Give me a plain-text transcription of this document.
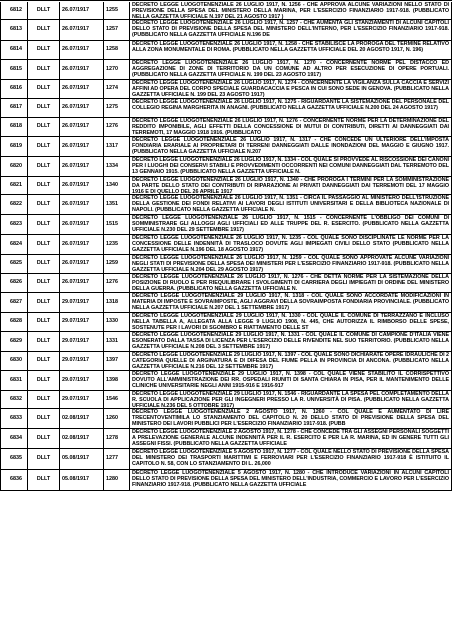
6812	DLLT	26.07/1917	1255
DECRETO LEGGE LUOGOTENENZIALE 26 LUGLIO 1917, N. 1256 - CHE APPROVA ALCUNE VARIAZIONI NELLO STATO DI PREVISIONE DELLA SPESA DEL MINISTERO DELLA MARINA, PER L'ESERCIZIO FINANZIARIO 1917-918. (PUBBLICATO NELLA GAZZETTA UFFICIALE N.197 DEL 21 AGOSTO 1917 )
6813	DLLT	26.07/1917	1257
DECRETO LEGGE LUOGOTENENZIALE 26 LUGLIO 1917, N. 1257 - CHE AUMENTA GLI STANZIAMENTI DI ALCUNI CAPITOLI DELLO STATO DI PREVISIONE DELLA SPESA DEL MINISTERO DELL'INTERNO, PER L'ESERCIZIO FINANZIARIO 1917-918. (PUBBLICATO NELLA GAZZETTA UFFICIALE N.196 DE
6814	DLLT	26.07/1917	1258
DECRETO LEGGE LUOGOTENENZIALE 26 LUGLIO 1917, N. 1258 - CHE STABILISCE LA PROROGA DEL TERMINE RELATIVO ALLA ZONA MONUMENTALE DI ROMA. (PUBBLICATO NELLA GAZZETTA UFFICIALE DEL 20 AGOSTO 1917, N. 196)
6815	DLLT	26.07/1917	1270
DECRETO LEGGE LUOGOTENENZIALE 26 LUGLIO 1917, N. 1270 - CONCERNENTE NORME PEL DISTACCO ED AGGREGAZIONE DI ZONE DI TERRITORIO DA UN COMUNE AD ALTRO PER ESECUZIONE DI OPERE PORTUALI. (PUBBLICATO NELLA GAZZETTA UFFICIALE N. 199 DEL 23 AGOSTO 1917)
6816	DLLT	26.07/1917	1274
DECRETO LEGGE LUOGOTENENZIALE 26 LUGLIO 1917, N. 1274 - CONCERNENTE LA VIGILANZA SULLA CACCIA E SERVIZI AFFINI AD OPERA DEL CORPO SPECIALE GUARDACACCIA E PESCA IN CUI SONO SEDE IN GENOVA. (PUBBLICATO NELLA GAZZETTA UFFICIALE N. 199 DEL 23 AGOSTO 1917)
6817	DLLT	26.07/1917	1275
DECRETO LEGGE LUOGOTENENZIALE 26 LUGLIO 1917, N. 1275 - RIGUARDANTE LA SISTEMAZIONE DEL PERSONALE DEL COLLEGIO REGINA MARGHERITA IN ANAGNI. (PUBBLICATO NELLA GAZZETTA UFFICIALE N.200 DEL 24 AGOSTO 1917)
6818	DLLT	26.07/1917	1276
DECRETO LEGGE LUOGOTENENZIALE 26 LUGLIO 1917, N. 1276 - CONCERNENTE NORME PER LA DETERMINAZIONE DEL REDDITO IMPONIBILE, AGLI EFFETTI DELLA CONCESSIONE DI MUTUI DI CONTRIBUTI, DIRETTI AI DANNEGGIATI DAI TERREMOTI, 17 MAGGIO 1918 1916. (PUBBLICATO
6819	DLLT	26.07/1917	1317
DECRETO LEGGE LUOGOTENENZIALE 26 LUGLIO 1917, N. 1317 - CHE CONCEDE UN ULTERIORE DELL'IMPOSTA FONDIARIA ERARIALE AI PROPRIETARI DI TERRENI DANNEGGIATI DALLE INONDAZIONI DEL MAGGIO E GIUGNO 1917. (PUBBLICATO NELLA GAZZETTA UFFICIALE N.207
6820	DLLT	26.07/1917	1334
DECRETO LEGGE LUOGOTENENZIALE 26 LUGLIO 1917, N. 1334 - COL QUALE SI PROVVEDE AL RISCOSSIONE DEI CANONI PER I LUOGHI DEI CONSERVI STABILI E PROVVEDIMENTI OCCORRENTI NEI COMUNI DANNEGGIATI DAL TERREMOTO DEL 13 GENNAIO 1915. (PUBBLICATO NELLA GAZZETTA UFFICIALE N.
6821	DLLT	26.07/1917	1340
DECRETO LEGGE LUOGOTENENZIALE 26 LUGLIO 1917, N. 1340 - CHE PROROGA I TERMINI PER LA SOMMINISTRAZIONE DA PARTE DELLO STATO DEI CONTRIBUTI DI RIPARAZIONE AI PRIVATI DANNEGGIATI DAI TERREMOTI DEL 17 MAGGIO 1916 E DI QUELLO DEL 26 APRILE 1917
6822	DLLT	26.07/1917	1351
DECRETO LEGGE LUOGOTENENZIALE 26 LUGLIO 1917, N. 1351 - CIRCA IL PASSAGGIO AL MINISTERO DELL'ISTRUZIONE DELLA GESTIONE DEI FONDI RELATIVI AI LAVORI DEGLI ISTITUTI UNIVERSITARI E DELLA BIBLIOTECA NAZIONALE DI NAPOLI. (PUBBLICATO NELLA GAZZETTA UFFICIALE N.
6823	DLLT	26.07/1917	1515
DECRETO LEGGE LUOGOTENENZIALE 26 LUGLIO 1917, N. 1515 - CONCERNENTE L'OBBLIGO DEI COMUNI DI SOMMINISTRARE GLI ALLOGGI AGLI UFFICIALI ED ALLE TRUPPE DEL R. ESERCITO. (PUBBLICATO NELLA GAZZETTA UFFICIALE N.230 DEL 29 SETTEMBRE 1917)
6824	DLLT	26.07/1917	1235
DECRETO LEGGE LUOGOTENENZIALE 26 LUGLIO 1917, N. 1235 - COL QUALE SONO DISCIPLINATE LE NORME PER LA CONCESSIONE DELLE INDENNITÀ DI TRASLOCO DOVUTE AGLI IMPIEGATI CIVILI DELLO STATO (PUBBLICATO NELLA GAZZETTA UFFICIALE N.196 DEL 18 AGOSTO 1917)
6825	DLLT	26.07/1917	1259
DECRETO LEGGE LUOGOTENENZIALE 26 LUGLIO 1917, N. 1259 - COL QUALE SONO APPROVATE ALCUNE VARIAZIONI NEGLI STATI DI PREVISIONE DELLA SPESA DEI MINISTERI PER L'ESERCIZIO FINANZIARIO 1917-918. (PUBBLICATO NELLA GAZZETTA UFFICIALE N.204 DEL 29 AGOSTO 1917)
6826	DLLT	26.07/1917	1276
DECRETO LEGGE LUOGOTENENZIALE 26 LUGLIO 1917, N. 1276 - CHE DETTA NORME PER LA SISTEMAZIONE DELLA POSIZIONE DI RUOLO E PER RIEQUILIBRARE I SVOLGIMENTI DI CARRIERA DEGLI IMPIEGATI DI ORDINE DEL MINISTERO DELLA GUERRA. (PUBBLICATO NELLA GAZZETTA UFFICIALE N.
6827	DLLT	29.07/1917	1318
DECRETO LEGGE LUOGOTENENZIALE 29 LUGLIO 1917, N. 1318 - COL QUALE SONO ACCORDATE MODIFICAZIONI IN MATERIA DI IMPOSTE E SOVRAIMPOSTE, AGLI AGGRAVI DELLA SOVRAIMPOSTA FONDIARIA PROVINCIALE. (PUBBLICATO NELLA GAZZETTA UFFICIALE N.207 DEL 1 SETTEMBRE 1917)
6828	DLLT	29.07/1917	1330
DECRETO LEGGE LUOGOTENENZIALE 29 LUGLIO 1917, N. 1330 - COL QUALE IL COMUNE DI TERRAZZANO È INCLUSO NELLA TABELLA A, ALLEGATA ALLA LEGGE 9 LUGLIO 1908, N. 445, CHE AUTORIZZA IL RIMBORSO DELLE SPESE, SOSTENUTE PER I LAVORI DI SGOMBRO E RIATTAMENTO DELLE ST
6829	DLLT	29.07/1917	1331
DECRETO LEGGE LUOGOTENENZIALE 29 LUGLIO 1917, N. 1331 - COL QUALE IL COMUNE DI CAMPIONE D'ITALIA VIENE ESONERATO DALLA TASSA DI LICENZA PER L'ESERCIZIO DELLE RIVENDITE NEL SUO TERRITORIO. (PUBBLICATO NELLA GAZZETTA UFFICIALE N.208 DEL 3 SETTEMBRE 1917)
6830	DLLT	29.07/1917	1397
DECRETO LEGGE LUOGOTENENZIALE 29 LUGLIO 1917, N. 1397 - COL QUALE SONO DICHIARATE OPERE IDRAULICHE DI 2 CATEGORIA QUELLE DI ARGINATURA E DI DIFESA DEL FIUME PELLA IN PROVINCIA DI ANCONA. (PUBBLICATO NELLA GAZZETTA UFFICIALE N.216 DEL 12 SETTEMBRE 1917)
6831	DLLT	29.07/1917	1398
DECRETO LEGGE LUOGOTENENZIALE 29 LUGLIO 1917, N. 1398 - COL QUALE VIENE STABILITO IL CORRISPETTIVO DOVUTO ALL'AMMINISTRAZIONE DEI RR. OSPEDALI RIUNITI DI SANTA CHIARA IN PISA, PER IL MANTENIMENTO DELLE CLINICHE UNIVERSITARIE NEGLI ANNI 1915-916 E 1916-917
6832	DLLT	29.07/1917	1546
DECRETO LEGGE LUOGOTENENZIALE 29 LUGLIO 1917, N. 1546 - RIGUARDANTE LA SPESA PEL COMPLETAMENTO DELLA R. SCUOLA DI APPLICAZIONE PER GLI INGEGNERI PRESSO LA R. UNIVERSITÀ DI PISA. (PUBBLICATO NELLA GAZZETTA UFFICIALE N.236 DEL 5 OTTOBRE 1917)
6833	DLLT	02.08/1917	1260
DECRETO LEGGE LUOGOTENENZIALE 2 AGOSTO 1917, N. 1260 - COL QUALE È AUMENTATO DI LIRE TRECENTOVENTIMILA LO STANZIAMENTO DEL CAPITOLO N. 20 DELLO STATO DI PREVISIONE DELLA SPESA DEL MINISTERO DEI LAVORI PUBBLICI PER L'ESERCIZIO FINANZIARIO 1917-918. (PUBB
6834	DLLT	02.08/1917	1278
DECRETO LEGGE LUOGOTENENZIALE 2 AGOSTO 1917, N. 1278 - CHE CONCEDE TRA GLI ASSEGNI PERSONALI SOGGETTI A PRELEVAZIONE GENERALE ALCUNE INDENNITÀ PER IL R. ESERCITO E PER LA R. MARINA, ED IN GENERE TUTTI GLI ASSEGNI FISSI. (PUBBLICATO NELLA GAZZETTA UFFICIALE
6835	DLLT	05.08/1917	1277
DECRETO LEGGE LUOGOTENENZIALE 5 AGOSTO 1917, N. 1277 - COL QUALE NELLO STATO DI PREVISIONE DELLA SPESA DEL MINISTERO DEI TRASPORTI MARITTIMI E FERROVIARI PER L'ESERCIZIO FINANZIARIO 1917-918 È ISTITUITO IL CAPITOLO N. 58, CON LO STANZIAMENTO DI L. 26,000
6836	DLLT	05.08/1917	1280
DECRETO LEGGE LUOGOTENENZIALE 5 AGOSTO 1917, N. 1280 - CHE INTRODUCE VARIAZIONI IN ALCUNI CAPITOLI DELLO STATO DI PREVISIONE DELLA SPESA DEL MINISTERO DELL'INDUSTRIA, COMMERCIO E LAVORO PER L'ESERCIZIO FINANZIARIO 1917-918. (PUBBLICATO NELLA GAZZETTA UFFICIALE
